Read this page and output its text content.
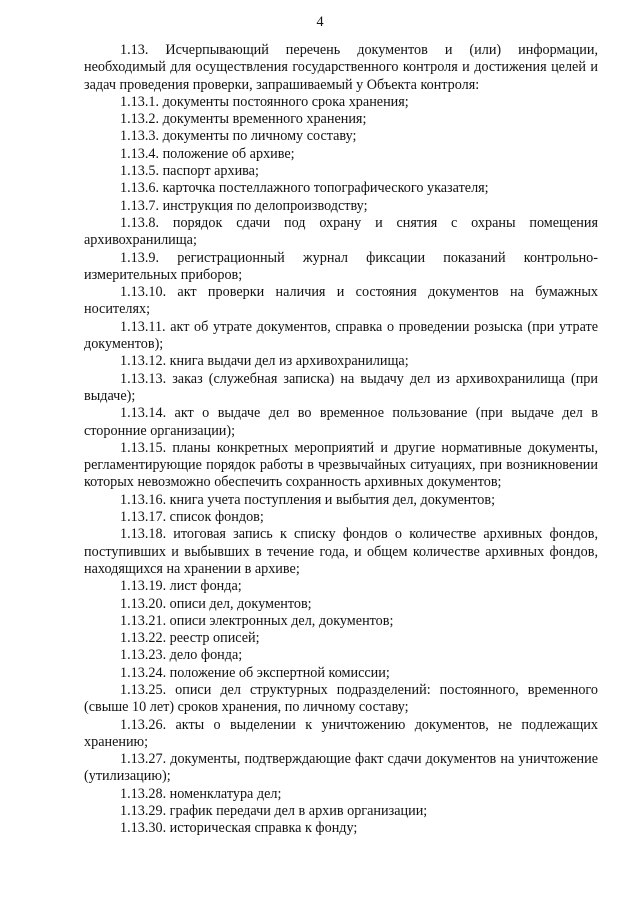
4

1.13. Исчерпывающий перечень документов и (или) информации, необходимый для осуществления государственного контроля и достижения целей и задач проведения проверки, запрашиваемый у Объекта контроля:

1.13.1. документы постоянного срока хранения;

1.13.2. документы временного хранения;

1.13.3. документы по личному составу;

1.13.4. положение об архиве;

1.13.5. паспорт архива;

1.13.6. карточка постеллажного топографического указателя;

1.13.7. инструкция по делопроизводству;

1.13.8. порядок сдачи под охрану и снятия с охраны помещения архивохранилища;

1.13.9. регистрационный журнал фиксации показаний контрольно-измерительных приборов;

1.13.10. акт проверки наличия и состояния документов на бумажных носителях;

1.13.11. акт об утрате документов, справка о проведении розыска (при утрате документов);

1.13.12. книга выдачи дел из архивохранилища;

1.13.13. заказ (служебная записка) на выдачу дел из архивохранилища (при выдаче);

1.13.14. акт о выдаче дел во временное пользование (при выдаче дел в сторонние организации);

1.13.15. планы конкретных мероприятий и другие нормативные документы, регламентирующие порядок работы в чрезвычайных ситуациях, при возникновении которых невозможно обеспечить сохранность архивных документов;

1.13.16. книга учета поступления и выбытия дел, документов;

1.13.17. список фондов;

1.13.18. итоговая запись к списку фондов о количестве архивных фондов, поступивших и выбывших в течение года, и общем количестве архивных фондов, находящихся на хранении в архиве;

1.13.19. лист фонда;

1.13.20. описи дел, документов;

1.13.21. описи электронных дел, документов;

1.13.22. реестр описей;

1.13.23. дело фонда;

1.13.24. положение об экспертной комиссии;

1.13.25. описи дел структурных подразделений: постоянного, временного (свыше 10 лет) сроков хранения, по личному составу;

1.13.26. акты о выделении к уничтожению документов, не подлежащих хранению;

1.13.27. документы, подтверждающие факт сдачи документов на уничтожение (утилизацию);

1.13.28. номенклатура дел;

1.13.29. график передачи дел в архив организации;

1.13.30. историческая справка к фонду;
